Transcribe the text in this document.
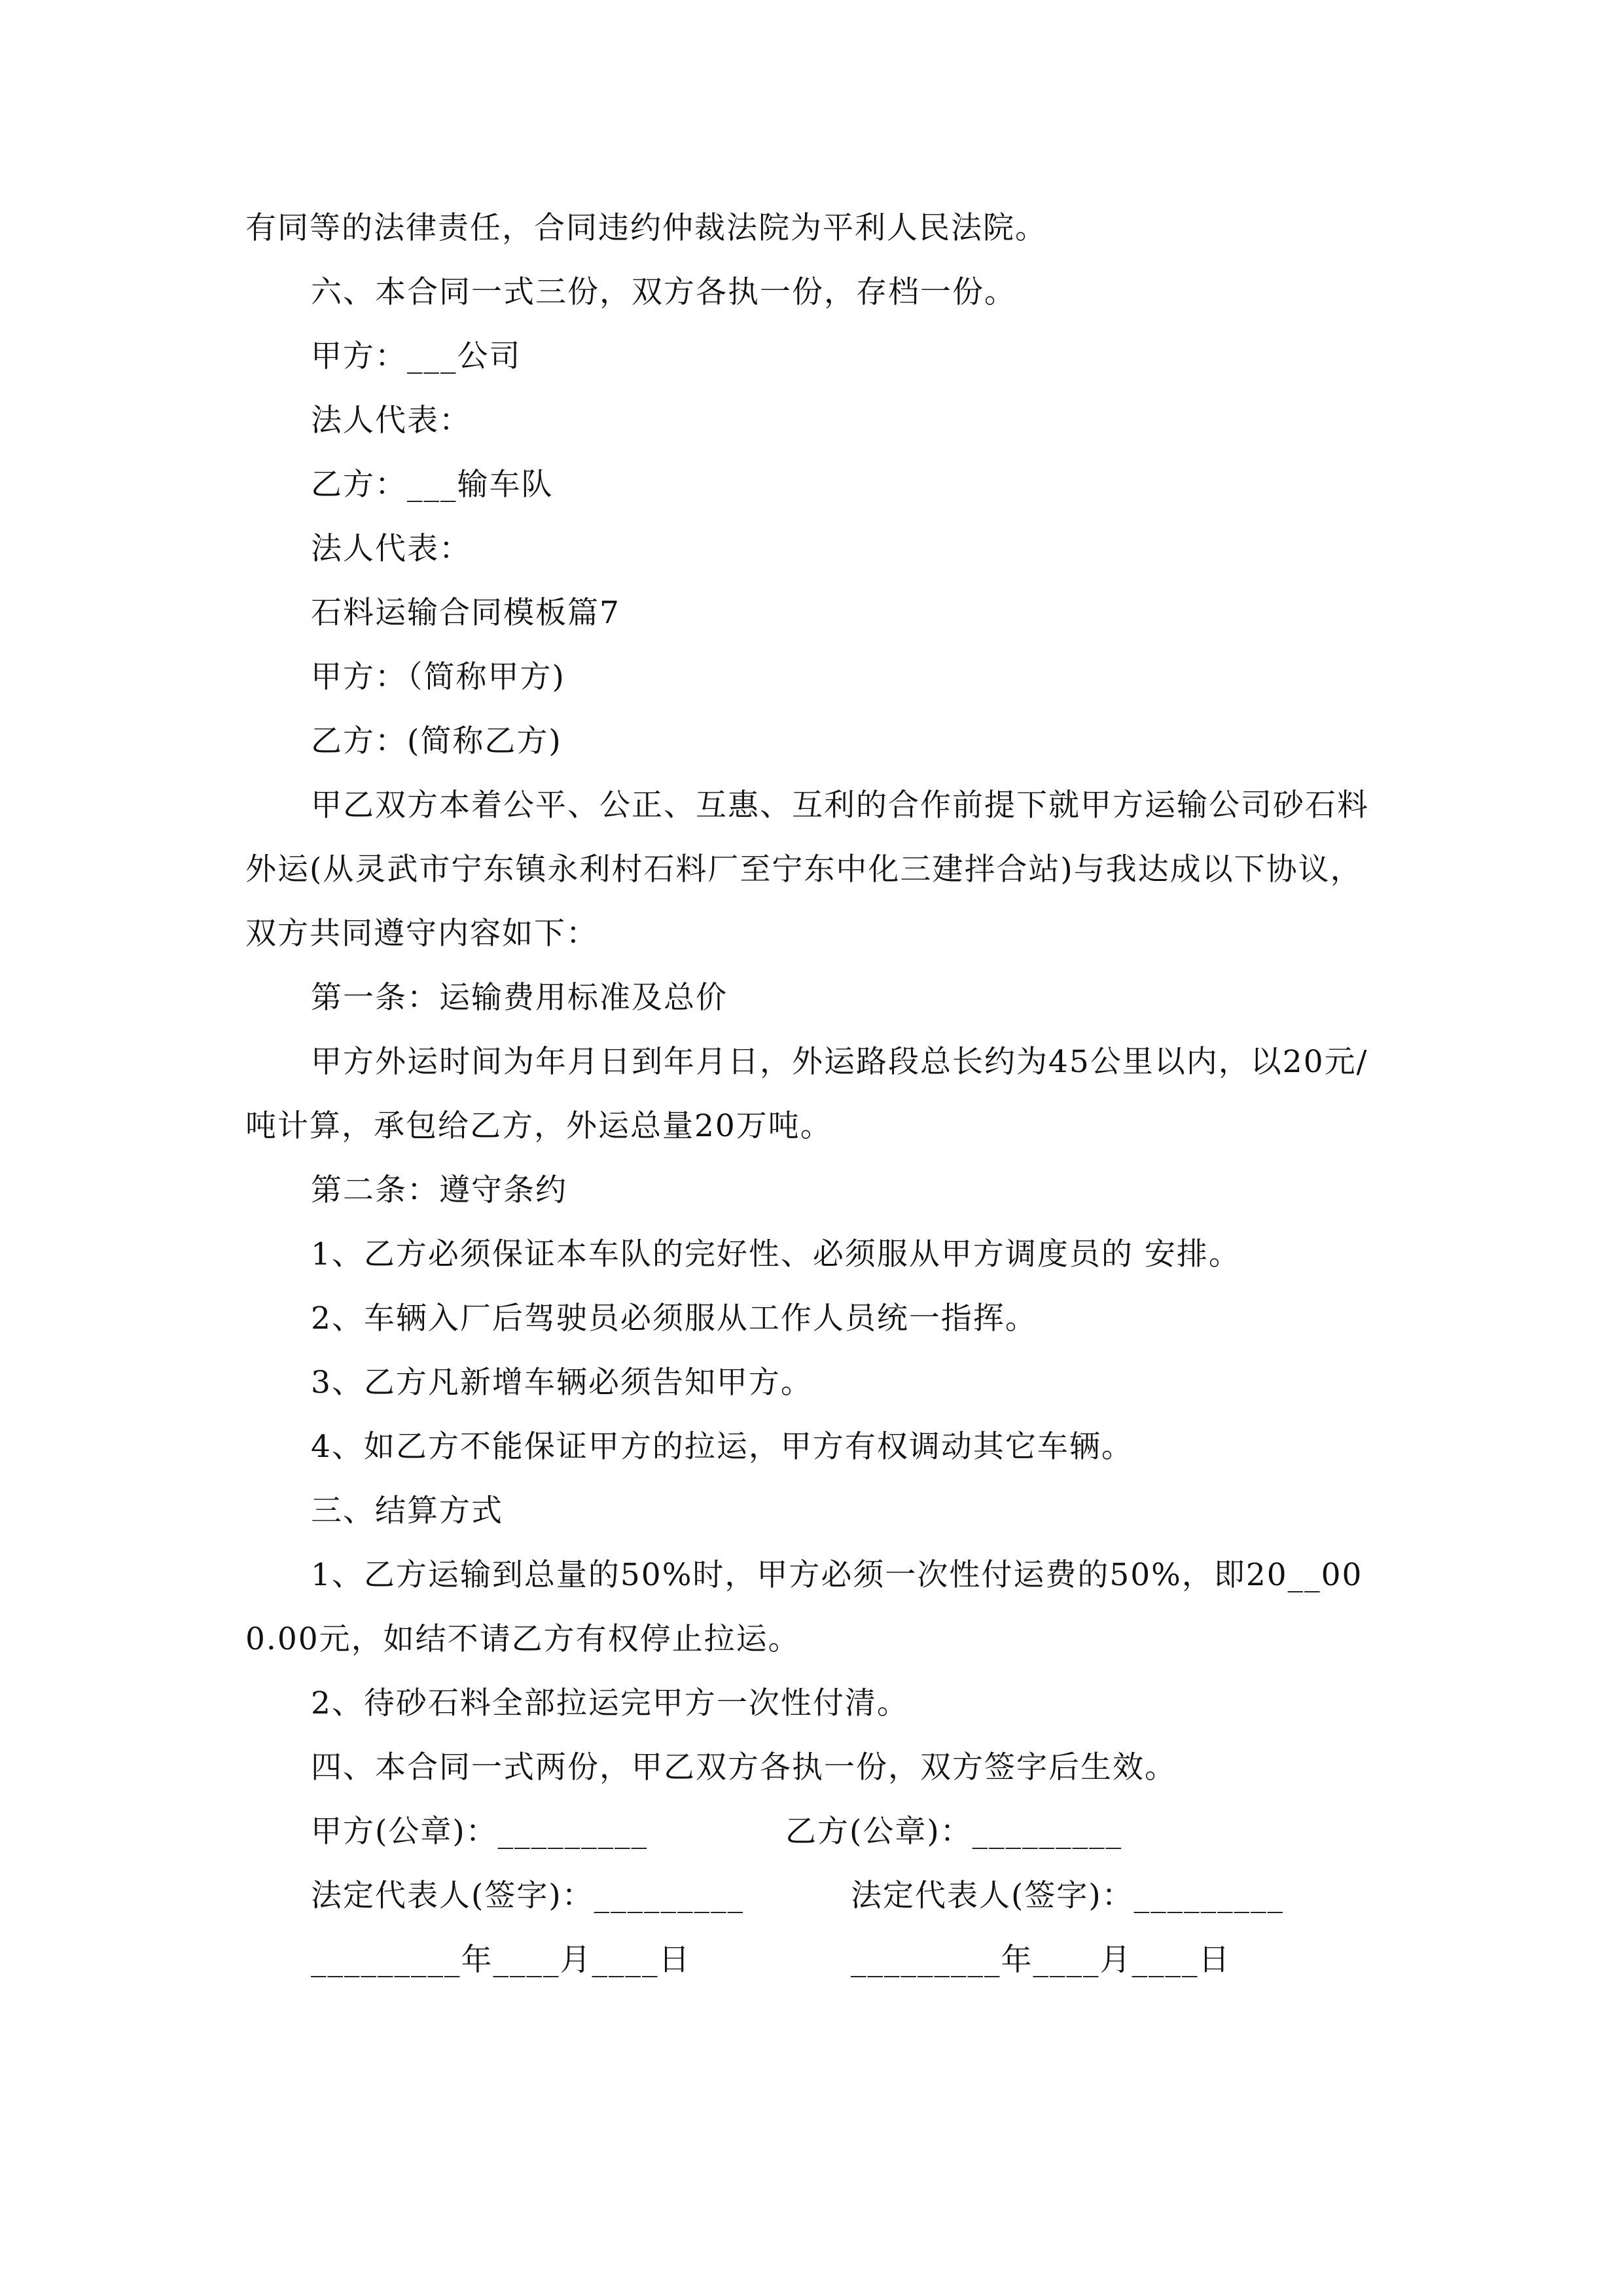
有同等的法律责任，合同违约仲裁法院为平利人民法院。

六、本合同一式三份，双方各执一份，存档一份。

甲方：___公司

法人代表：

乙方：___输车队

法人代表：

石料运输合同模板篇7

甲方：（简称甲方)

乙方：(简称乙方)

甲乙双方本着公平、公正、互惠、互利的合作前提下就甲方运输公司砂石料外运(从灵武市宁东镇永利村石料厂至宁东中化三建拌合站)与我达成以下协议，双方共同遵守内容如下：

第一条：运输费用标准及总价

甲方外运时间为年月日到年月日，外运路段总长约为45公里以内，以20元/吨计算，承包给乙方，外运总量20万吨。

第二条：遵守条约

1、乙方必须保证本车队的完好性、必须服从甲方调度员的 安排。

2、车辆入厂后驾驶员必须服从工作人员统一指挥。

3、乙方凡新增车辆必须告知甲方。

4、如乙方不能保证甲方的拉运，甲方有权调动其它车辆。

三、结算方式

1、乙方运输到总量的50%时，甲方必须一次性付运费的50%，即20__000.00元，如结不请乙方有权停止拉运。

2、待砂石料全部拉运完甲方一次性付清。

四、本合同一式两份，甲乙双方各执一份，双方签字后生效。

甲方(公章)：_________	乙方(公章)：_________
法定代表人(签字)：_________	法定代表人(签字)：_________
_________年____月____日	_________年____月____日
